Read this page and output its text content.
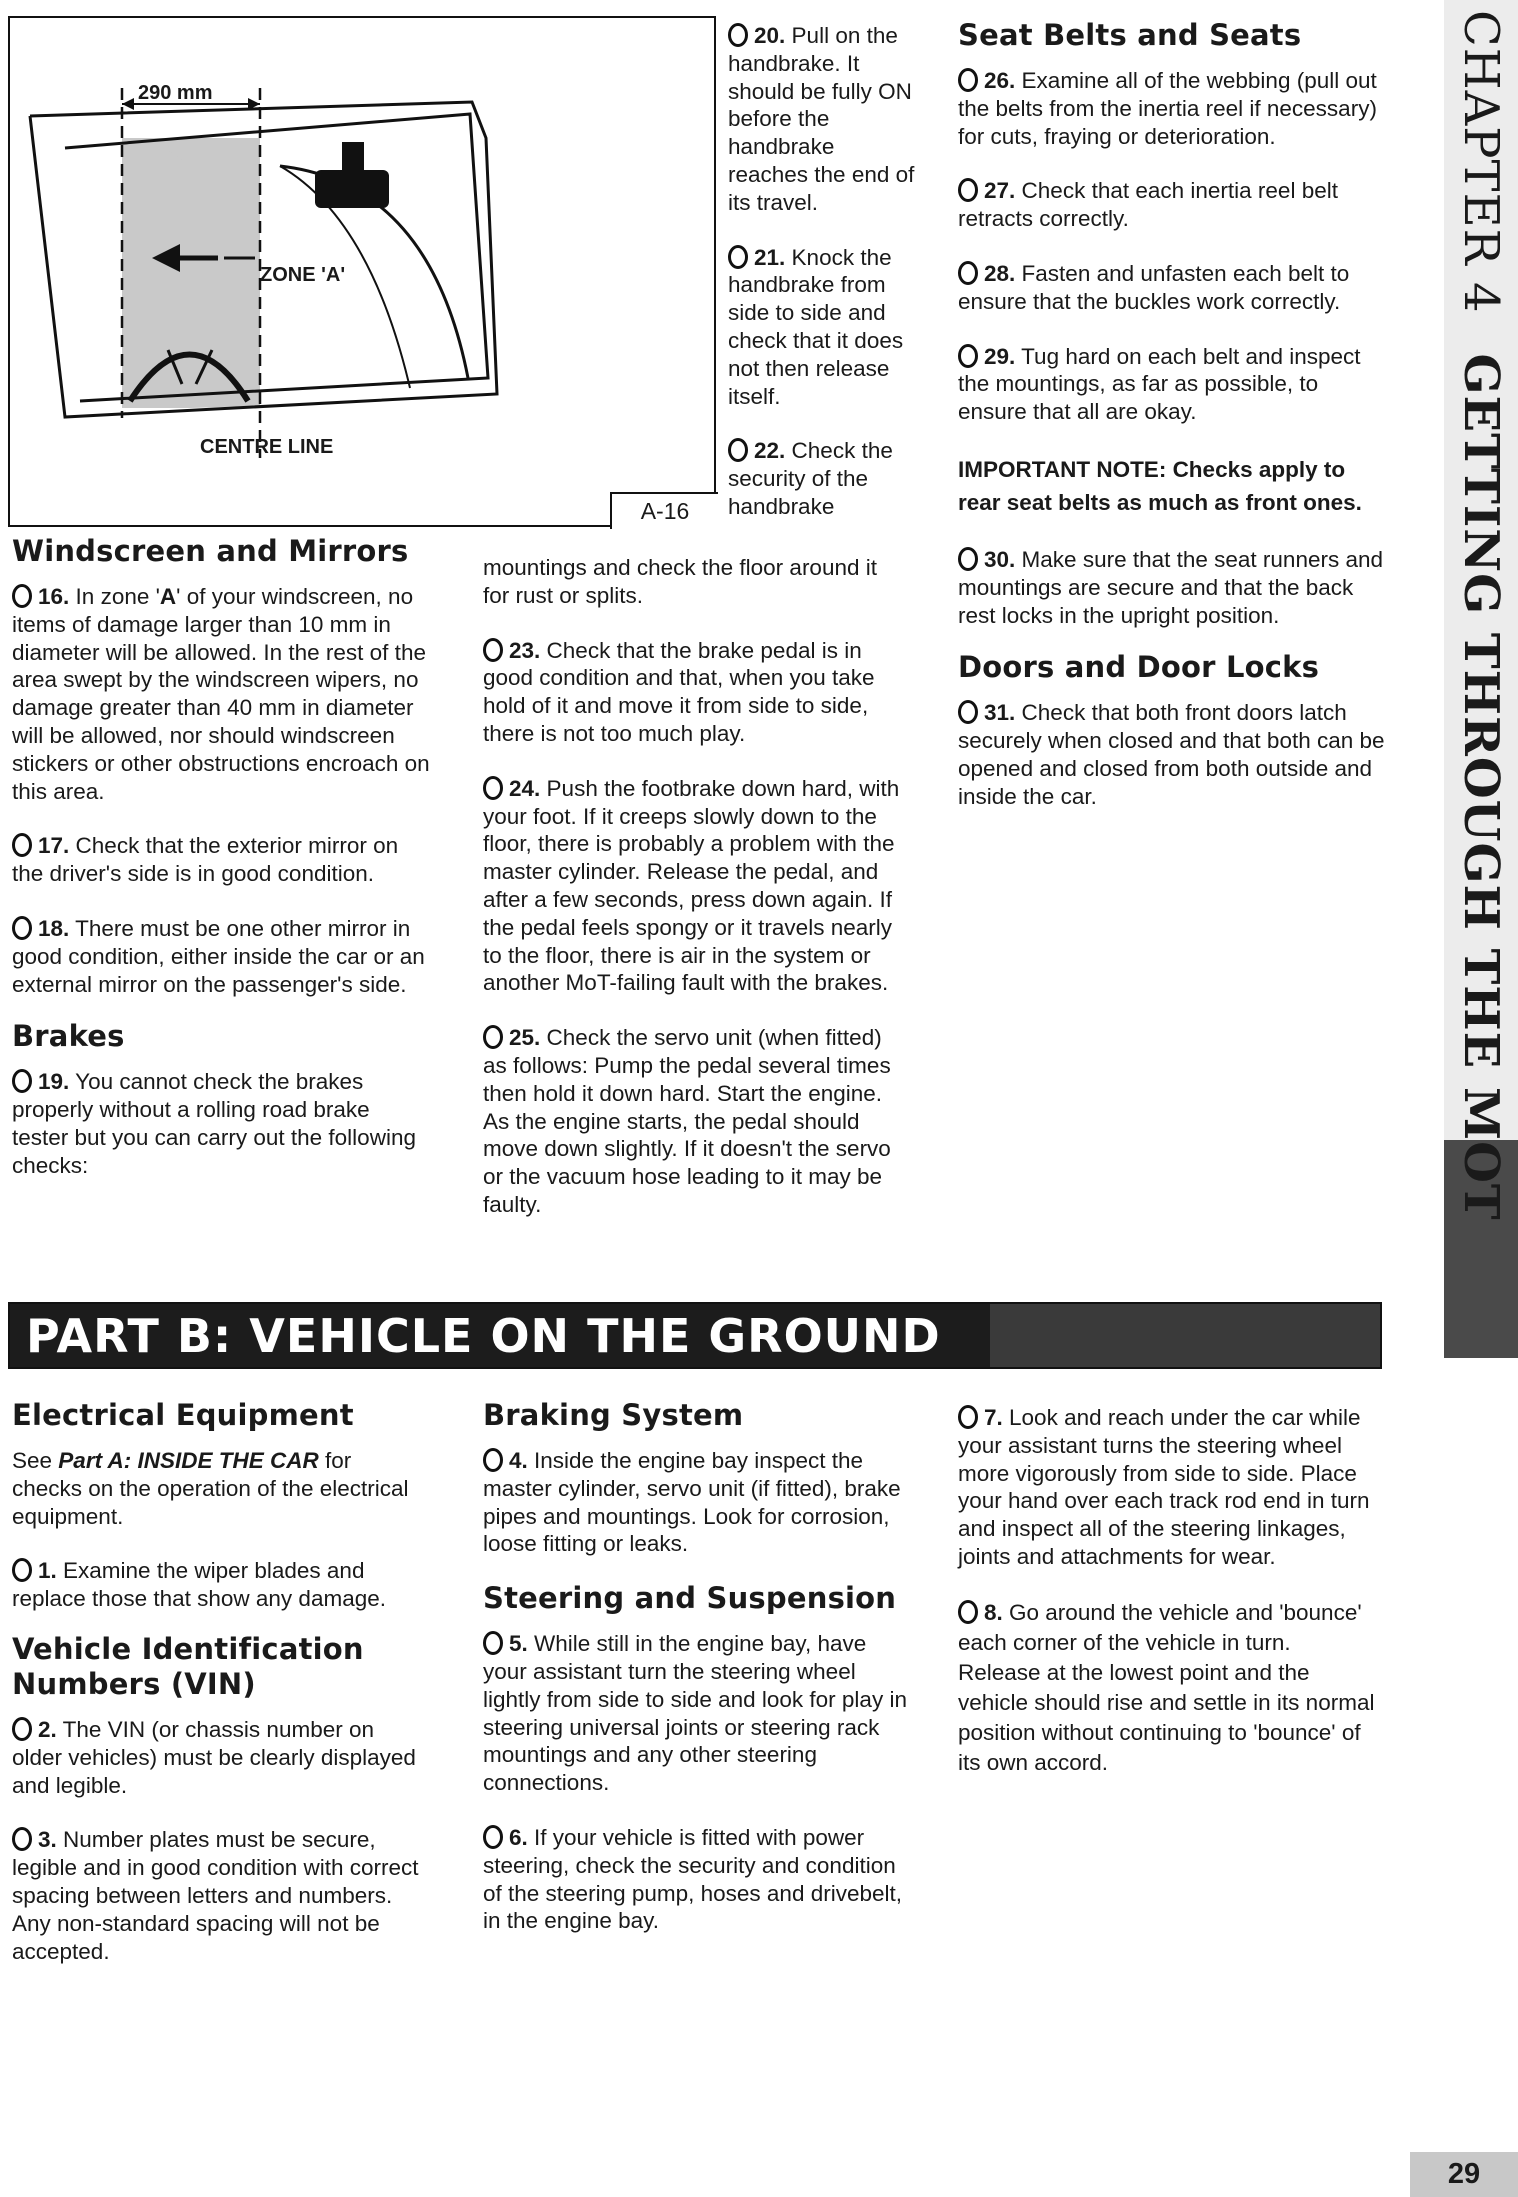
290 mm
ZONE 'A'
CENTRE LINE
A-16

20. Pull on the handbrake. It should be fully ON before the handbrake reaches the end of its travel.

21. Knock the handbrake from side to side and check that it does not then release itself.

22. Check the security of the handbrake

Windscreen and Mirrors

16. In zone 'A' of your windscreen, no items of damage larger than 10 mm in diameter will be allowed. In the rest of the area swept by the windscreen wipers, no damage greater than 40 mm in diameter will be allowed, nor should windscreen stickers or other obstructions encroach on this area.

17. Check that the exterior mirror on the driver's side is in good condition.

18. There must be one other mirror in good condition, either inside the car or an external mirror on the passenger's side.

Brakes

19. You cannot check the brakes properly without a rolling road brake tester but you can carry out the following checks:

mountings and check the floor around it for rust or splits.

23. Check that the brake pedal is in good condition and that, when you take hold of it and move it from side to side, there is not too much play.

24. Push the footbrake down hard, with your foot. If it creeps slowly down to the floor, there is probably a problem with the master cylinder. Release the pedal, and after a few seconds, press down again. If the pedal feels spongy or it travels nearly to the floor, there is air in the system or another MoT-failing fault with the brakes.

25. Check the servo unit (when fitted) as follows: Pump the pedal several times then hold it down hard. Start the engine. As the engine starts, the pedal should move down slightly. If it doesn't the servo or the vacuum hose leading to it may be faulty.

Seat Belts and Seats

26. Examine all of the webbing (pull out the belts from the inertia reel if necessary) for cuts, fraying or deterioration.

27. Check that each inertia reel belt retracts correctly.

28. Fasten and unfasten each belt to ensure that the buckles work correctly.

29. Tug hard on each belt and inspect the mountings, as far as possible, to ensure that all are okay.

IMPORTANT NOTE: Checks apply to rear seat belts as much as front ones.

30. Make sure that the seat runners and mountings are secure and that the back rest locks in the upright position.

Doors and Door Locks

31. Check that both front doors latch securely when closed and that both can be opened and closed from both outside and inside the car.

PART B: VEHICLE ON THE GROUND
Electrical Equipment

See Part A: INSIDE THE CAR for checks on the operation of the electrical equipment.

1. Examine the wiper blades and replace those that show any damage.

Vehicle Identification Numbers (VIN)

2. The VIN (or chassis number on older vehicles) must be clearly displayed and legible.

3. Number plates must be secure, legible and in good condition with correct spacing between letters and numbers. Any non-standard spacing will not be accepted.

Braking System

4. Inside the engine bay inspect the master cylinder, servo unit (if fitted), brake pipes and mountings. Look for corrosion, loose fitting or leaks.

Steering and Suspension

5. While still in the engine bay, have your assistant turn the steering wheel lightly from side to side and look for play in steering universal joints or steering rack mountings and any other steering connections.

6. If your vehicle is fitted with power steering, check the security and condition of the steering pump, hoses and drivebelt, in the engine bay.

7. Look and reach under the car while your assistant turns the steering wheel more vigorously from side to side. Place your hand over each track rod end in turn and inspect all of the steering linkages, joints and attachments for wear.

8. Go around the vehicle and 'bounce' each corner of the vehicle in turn. Release at the lowest point and the vehicle should rise and settle in its normal position without continuing to 'bounce' of its own accord.

CHAPTER 4GETTING THROUGH THE MOT
29
